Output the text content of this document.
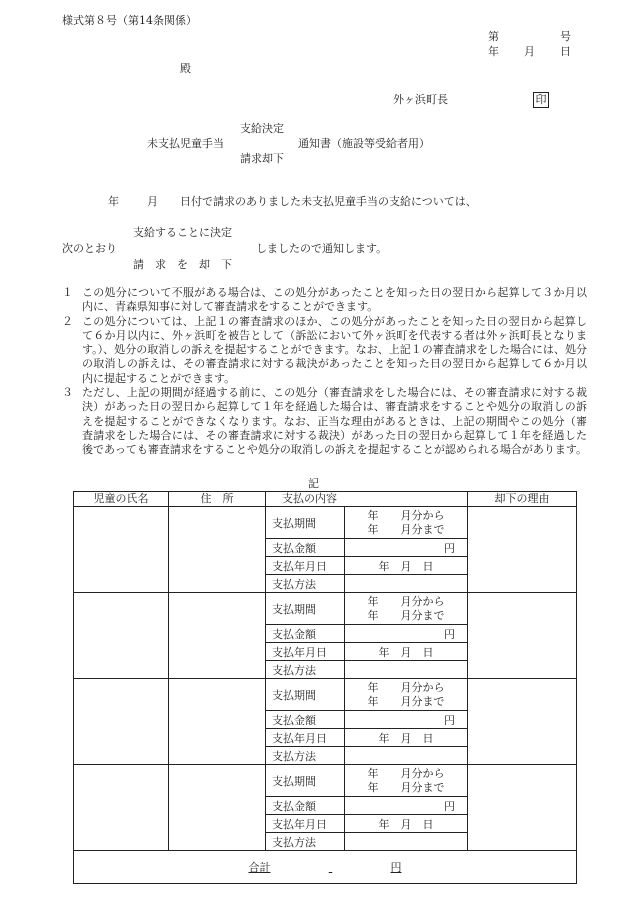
様式第８号（第14条関係）
第	号
年 月 日
殿
外ヶ浜町長	印
支給決定
未支払児童手当	通知書（施設等受給者用）
請求却下
年	月 日付で請求のありました未支払児童手当の支給については、
支給することに決定
次のとおり	しましたので通知します。
請　求　を　却　下
１ この処分について不服がある場合は、この処分があったことを知った日の翌日から起算して３か月以内に、青森県知事に対して審査請求をすることができます。
２ この処分については、上記１の審査請求のほか、この処分があったことを知った日の翌日から起算して６か月以内に、外ヶ浜町を被告として（訴訟において外ヶ浜町を代表する者は外ヶ浜町長となります。）、処分の取消しの訴えを提起することができます。なお、上記１の審査請求をした場合には、処分の取消しの訴えは、その審査請求に対する裁決があったことを知った日の翌日から起算して６か月以内に提起することができます。
３ ただし、上記の期間が経過する前に、この処分（審査請求をした場合には、その審査請求に対する裁決）があった日の翌日から起算して１年を経過した場合は、審査請求をすることや処分の取消しの訴えを提起することができなくなります。なお、正当な理由があるときは、上記の期間やこの処分（審査請求をした場合には、その審査請求に対する裁決）があった日の翌日から起算して１年を経過した後であっても審査請求をすることや処分の取消しの訴えを提起することが認められる場合があります。
記
児童の氏名	住　所	支払の内容		却下の理由
		支払期間	年　　月分から
年　　月分まで	

		支払金額	円	
		支払年月日	年　月　日	
		支払方法		
		支払期間	年　　月分から
年　　月分まで	

		支払金額	円	
		支払年月日	年　月　日	
		支払方法		
		支払期間	年　　月分から
年　　月分まで	

		支払金額	円	
		支払年月日	年　月　日	
		支払方法		
		支払期間	年　　月分から
年　　月分まで	

		支払金額	円	
		支払年月日	年　月　日	
		支払方法		
合計 円				
